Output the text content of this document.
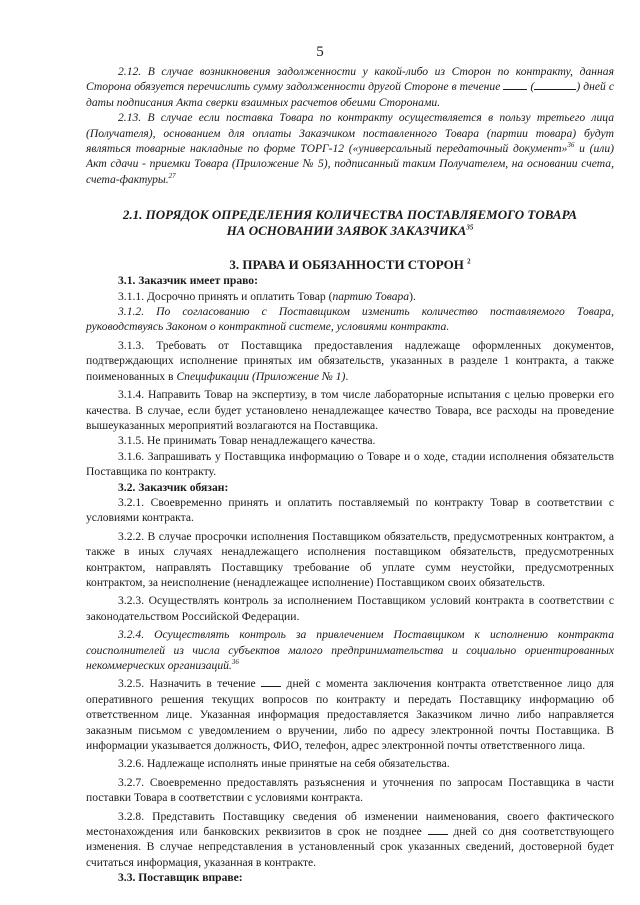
5

2.12. В случае возникновения задолженности у какой-либо из Сторон по контракту, данная Сторона обязуется перечислить сумму задолженности другой Стороне в течение	(	) дней с даты подписания Акта сверки взаимных расчетов обеими Сторонами.

2.13. В случае если поставка Товара по контракту осуществляется в пользу третьего лица (Получателя), основанием для оплаты Заказчиком поставленного Товара (партии товара) будут являться товарные накладные по форме ТОРГ-12 («универсальный передаточный документ»$^{36}$ и (или) Акт сдачи - приемки Товара (Приложение № 5), подписанный таким Получателем, на основании счета, счета-фактуры.$^{27}$

2.1. ПОРЯДОК ОПРЕДЕЛЕНИЯ КОЛИЧЕСТВА ПОСТАВЛЯЕМОГО ТОВАРА
НА ОСНОВАНИИ ЗАЯВОК ЗАКАЗЧИКА$^{35}$
3. ПРАВА И ОБЯЗАННОСТИ СТОРОН $^2$

3.1. Заказчик имеет право:

3.1.1. Досрочно принять и оплатить Товар (партию Товара).

3.1.2. По согласованию с Поставщиком изменить количество поставляемого Товара, руководствуясь Законом о контрактной системе, условиями контракта.

3.1.3. Требовать от Поставщика предоставления надлежаще оформленных документов, подтверждающих исполнение принятых им обязательств, указанных в разделе 1 контракта, а также поименованных в Спецификации (Приложение № 1).

3.1.4. Направить Товар на экспертизу, в том числе лабораторные испытания с целью проверки его качества. В случае, если будет установлено ненадлежащее качество Товара, все расходы на проведение вышеуказанных мероприятий возлагаются на Поставщика.

3.1.5. Не принимать Товар ненадлежащего качества.

3.1.6. Запрашивать у Поставщика информацию о Товаре и о ходе, стадии исполнения обязательств Поставщика по контракту.

3.2. Заказчик обязан:

3.2.1. Своевременно принять и оплатить поставляемый по контракту Товар в соответствии с условиями контракта.

3.2.2. В случае просрочки исполнения Поставщиком обязательств, предусмотренных контрактом, а также в иных случаях ненадлежащего исполнения поставщиком обязательств, предусмотренных контрактом, направлять Поставщику требование об уплате сумм неустойки, предусмотренных контрактом, за неисполнение (ненадлежащее исполнение) Поставщиком своих обязательств.

3.2.3. Осуществлять контроль за исполнением Поставщиком условий контракта в соответствии с законодательством Российской Федерации.

3.2.4. Осуществлять контроль за привлечением Поставщиком к исполнению контракта соисполнителей из числа субъектов малого предпринимательства и социально ориентированных некоммерческих организаций.$^{36}$

3.2.5. Назначить в течение  дней с момента заключения контракта ответственное лицо для оперативного решения текущих вопросов по контракту и передать Поставщику информацию об ответственном лице. Указанная информация предоставляется Заказчиком лично либо направляется заказным письмом с уведомлением о вручении, либо по адресу электронной почты Поставщика. В информации указывается должность, ФИО, телефон, адрес электронной почты ответственного лица.

3.2.6. Надлежаще исполнять иные принятые на себя обязательства.

3.2.7. Своевременно предоставлять разъяснения и уточнения по запросам Поставщика в части поставки Товара в соответствии с условиями контракта.

3.2.8. Представить Поставщику сведения об изменении наименования, своего фактического местонахождения или банковских реквизитов в срок не позднее  дней со дня соответствующего изменения. В случае непредставления в установленный срок указанных сведений, достоверной будет считаться информация, указанная в контракте.

3.3. Поставщик вправе:
